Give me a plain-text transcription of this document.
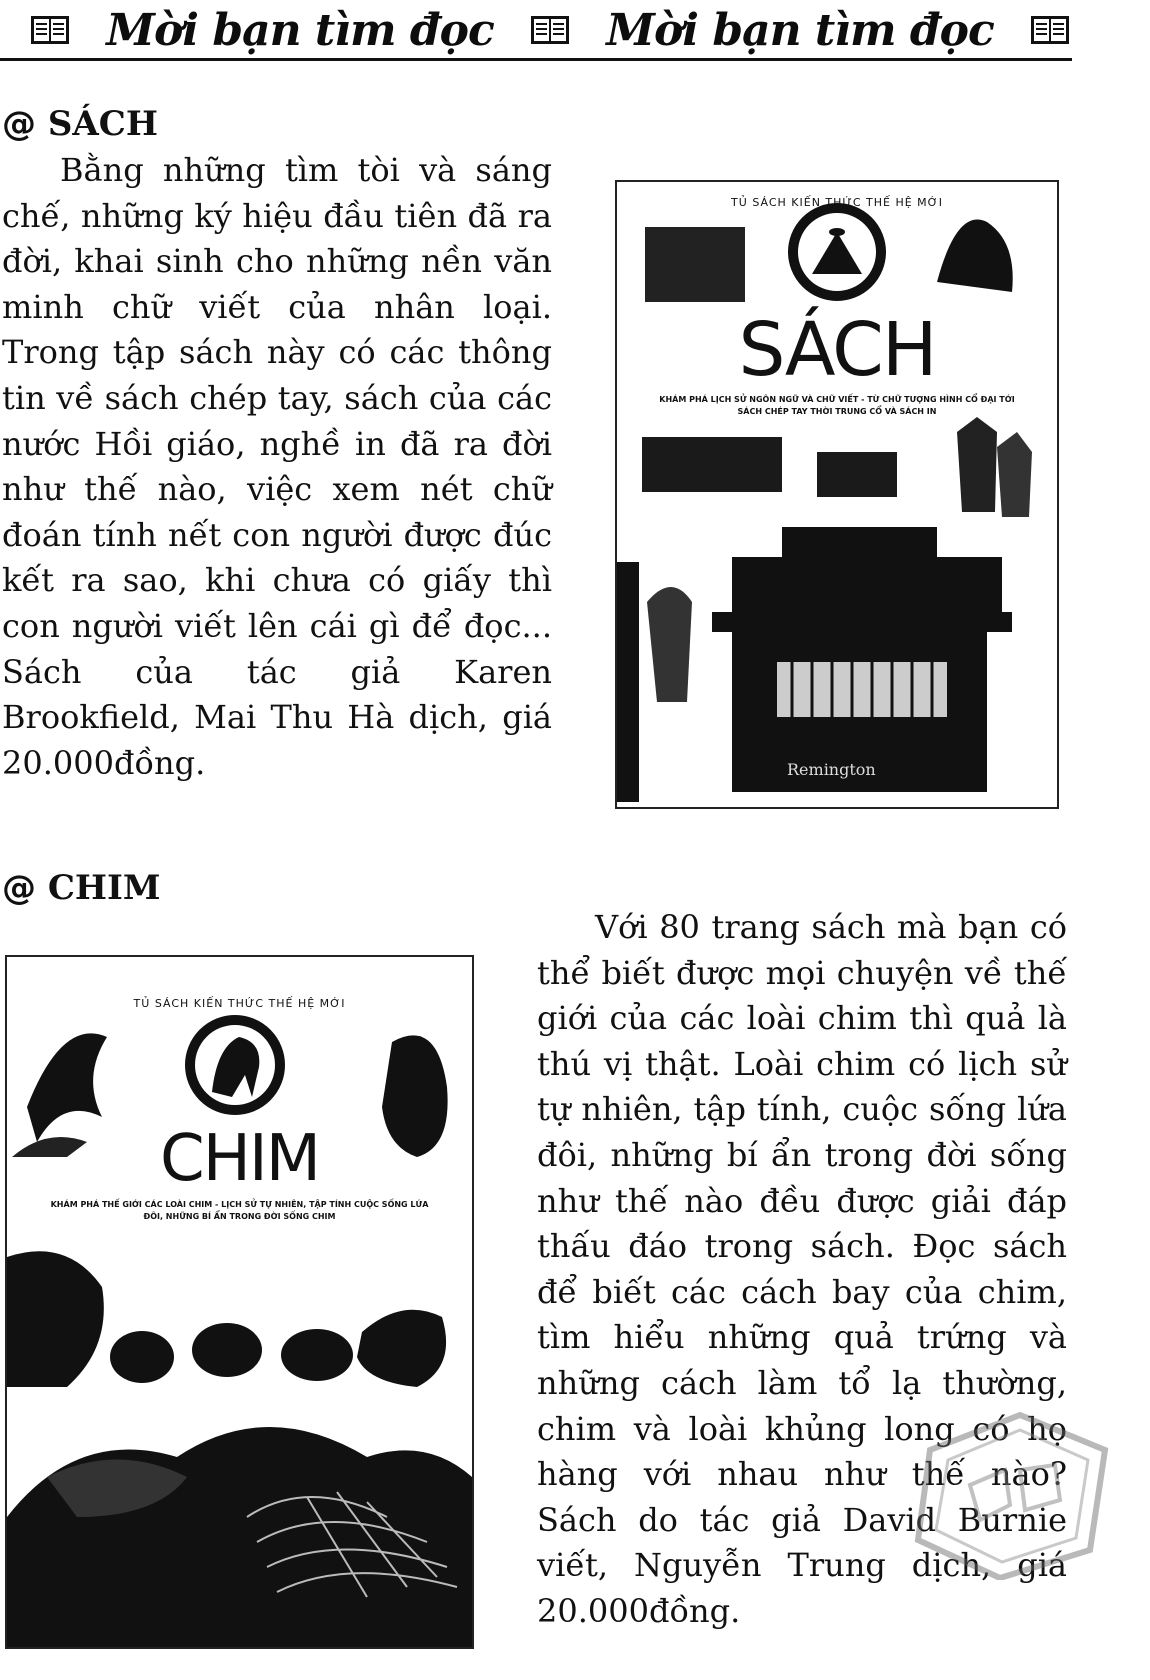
Mời bạn tìm đọc	Mời bạn tìm đọc
@ SÁCH

Bằng những tìm tòi và sáng chế, những ký hiệu đầu tiên đã ra đời, khai sinh cho những nền văn minh chữ viết của nhân loại. Trong tập sách này có các thông tin về sách chép tay, sách của các nước Hồi giáo, nghề in đã ra đời như thế nào, việc xem nét chữ đoán tính nết con người được đúc kết ra sao, khi chưa có giấy thì con người viết lên cái gì để đọc... Sách của tác giả Karen Brookfield, Mai Thu Hà dịch, giá 20.000đồng.

TỦ SÁCH KIẾN THỨC THẾ HỆ MỚI
SÁCH
KHÁM PHÁ LỊCH SỬ NGÔN NGỮ VÀ CHỮ VIẾT - TỪ CHỮ TƯỢNG HÌNH CỔ ĐẠI TỚI SÁCH CHÉP TAY THỜI TRUNG CỔ VÀ SÁCH IN
Remington
@ CHIM

Với 80 trang sách mà bạn có thể biết được mọi chuyện về thế giới của các loài chim thì quả là thú vị thật. Loài chim có lịch sử tự nhiên, tập tính, cuộc sống lứa đôi, những bí ẩn trong đời sống như thế nào đều được giải đáp thấu đáo trong sách. Đọc sách để biết các cách bay của chim, tìm hiểu những quả trứng và những cách làm tổ lạ thường, chim và loài khủng long có họ hàng với nhau như thế nào? Sách do tác giả David Burnie viết, Nguyễn Trung dịch, giá 20.000đồng.

TỦ SÁCH KIẾN THỨC THẾ HỆ MỚI
CHIM
KHÁM PHÁ THẾ GIỚI CÁC LOÀI CHIM - LỊCH SỬ TỰ NHIÊN, TẬP TÍNH CUỘC SỐNG LỨA ĐÔI, NHỮNG BÍ ẨN TRONG ĐỜI SỐNG CHIM
